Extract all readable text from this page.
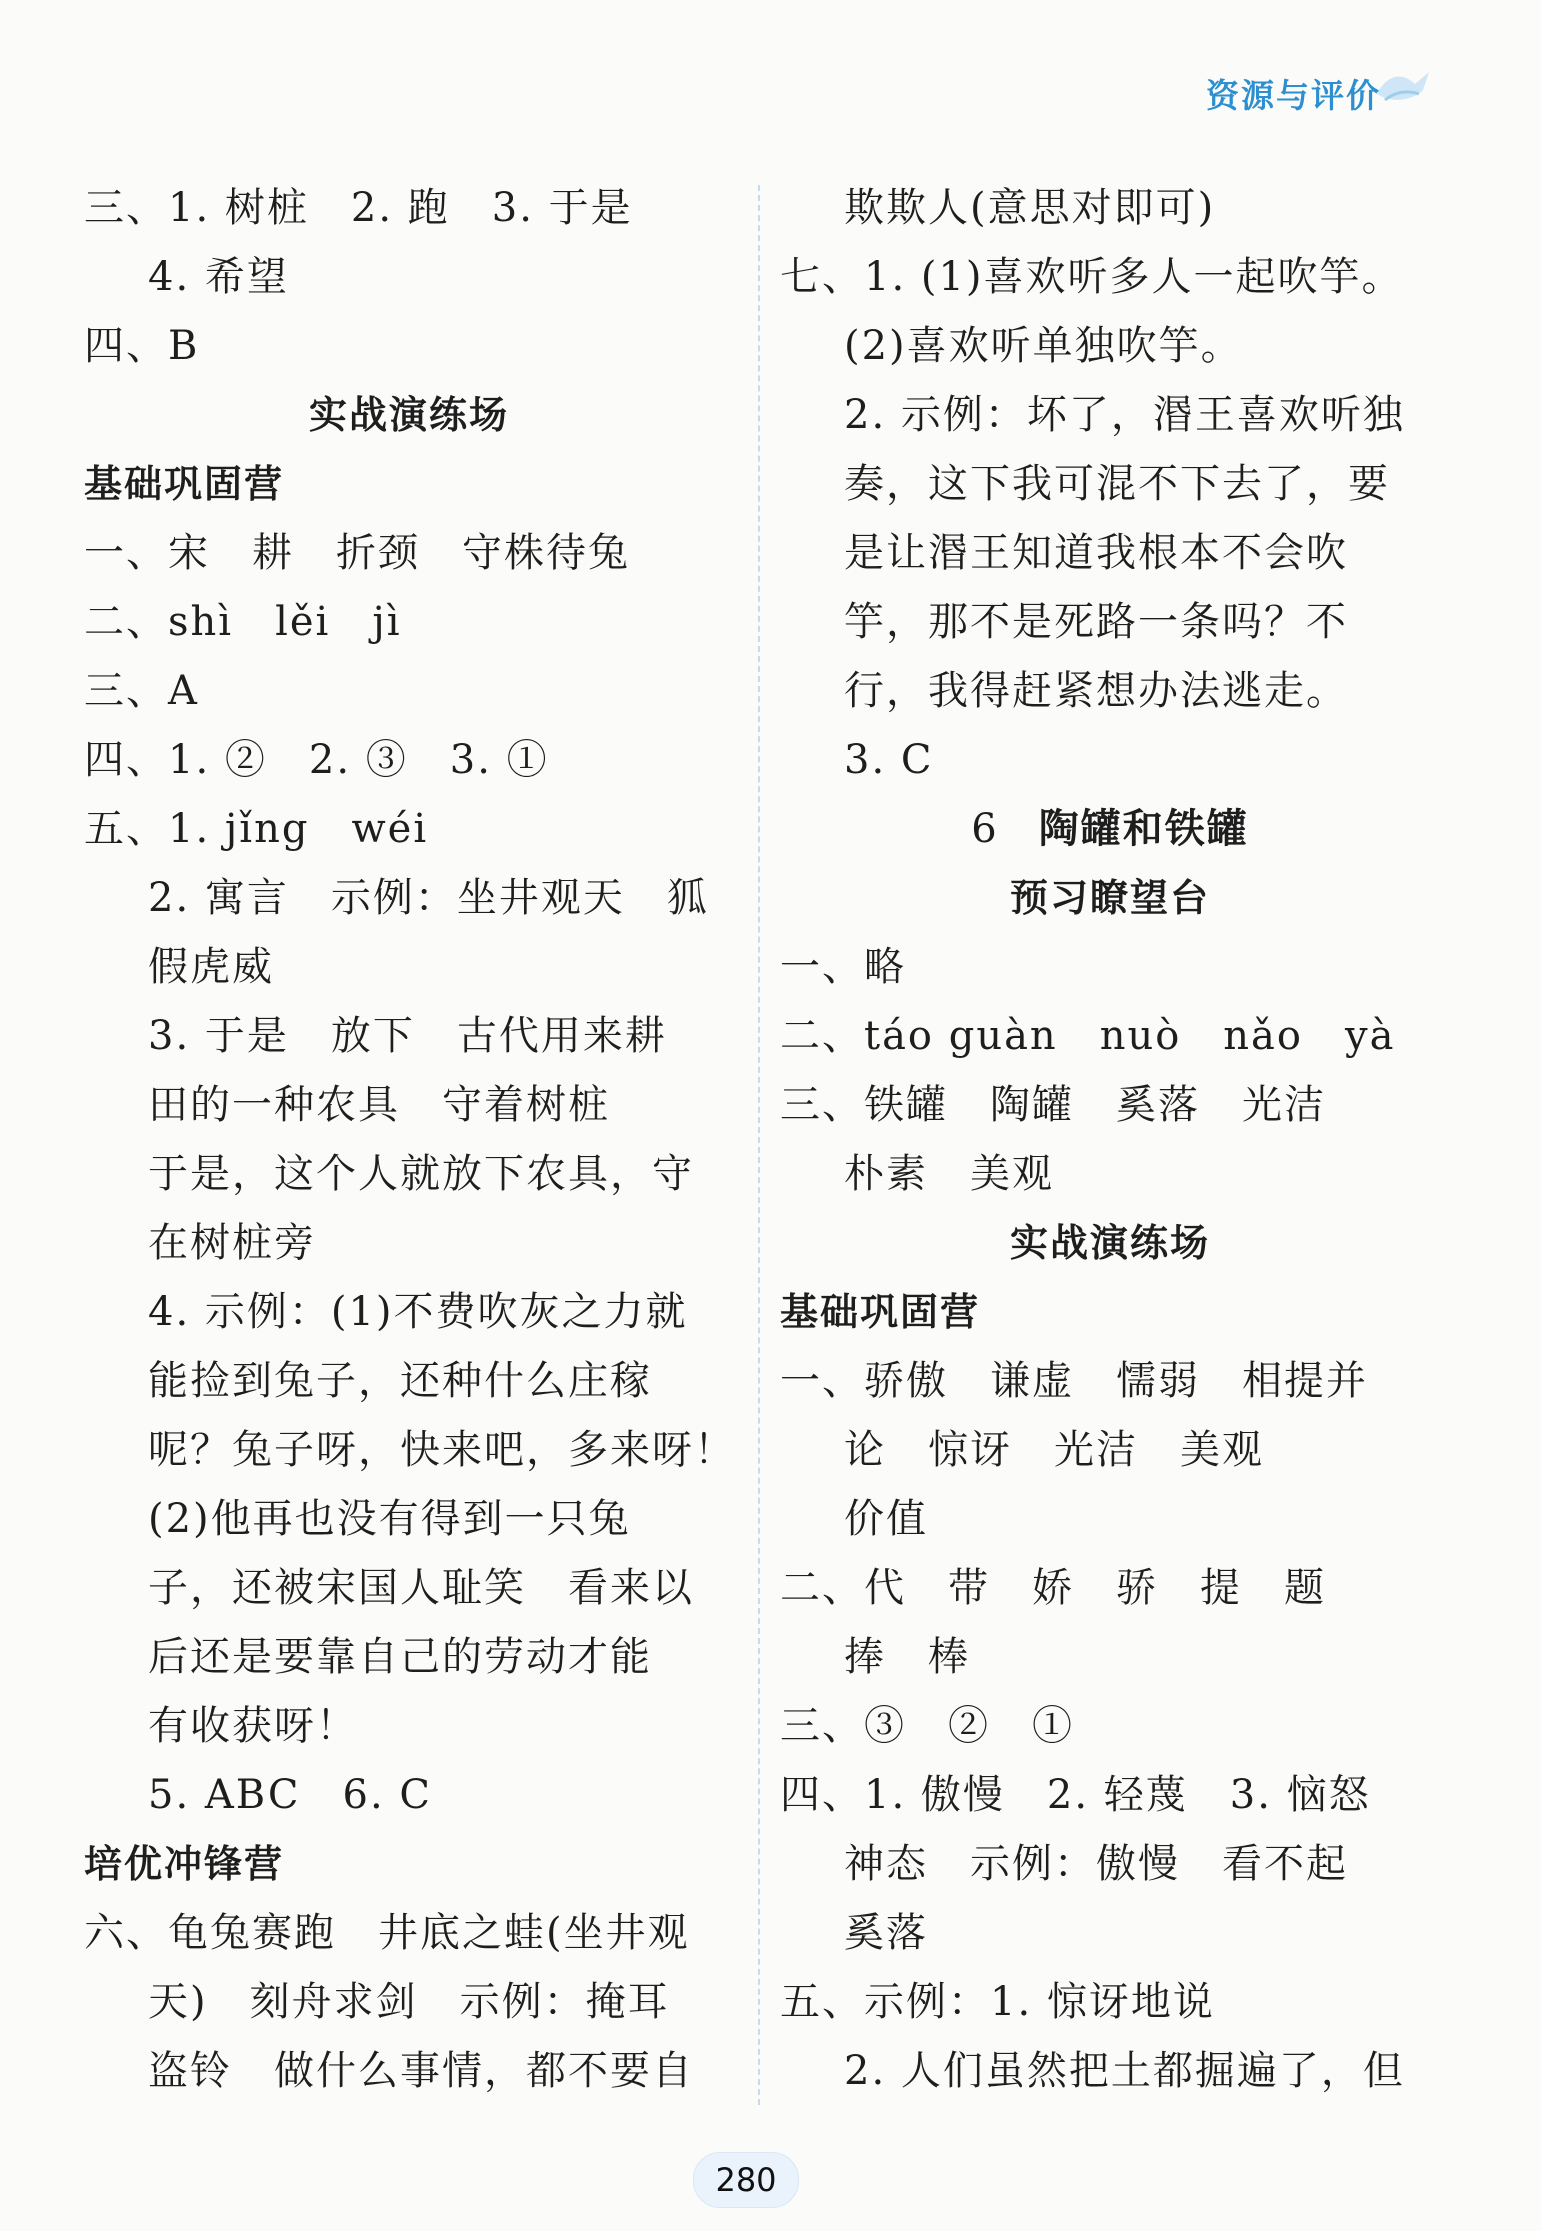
资源与评价
三、1. 树桩　2. 跑　3. 于是
4. 希望
四、B
实战演练场
基础巩固营
一、宋　耕　折颈　守株待兔
二、shì　lěi　jì
三、A
四、1. ②　2. ③　3. ①
五、1. jǐng　wéi
2. 寓言　示例：坐井观天　狐
假虎威
3. 于是　放下　古代用来耕
田的一种农具　守着树桩
于是，这个人就放下农具，守
在树桩旁
4. 示例：(1)不费吹灰之力就
能捡到兔子，还种什么庄稼
呢？兔子呀，快来吧，多来呀！
(2)他再也没有得到一只兔
子，还被宋国人耻笑　看来以
后还是要靠自己的劳动才能
有收获呀！
5. ABC　6. C
培优冲锋营
六、龟兔赛跑　井底之蛙(坐井观
天)　刻舟求剑　示例：掩耳
盗铃　做什么事情，都不要自
欺欺人(意思对即可)
七、1. (1)喜欢听多人一起吹竽。
(2)喜欢听单独吹竽。
2. 示例：坏了，湣王喜欢听独
奏，这下我可混不下去了，要
是让湣王知道我根本不会吹
竽，那不是死路一条吗？不
行，我得赶紧想办法逃走。
3. C
6 陶罐和铁罐
预习瞭望台
一、略
二、táo guàn　nuò　nǎo　yà
三、铁罐　陶罐　奚落　光洁
朴素　美观
实战演练场
基础巩固营
一、骄傲　谦虚　懦弱　相提并
论　惊讶　光洁　美观
价值
二、代　带　娇　骄　提　题
捧　棒
三、③　②　①
四、1. 傲慢　2. 轻蔑　3. 恼怒
神态　示例：傲慢　看不起
奚落
五、示例：1. 惊讶地说
2. 人们虽然把土都掘遍了，但
280
